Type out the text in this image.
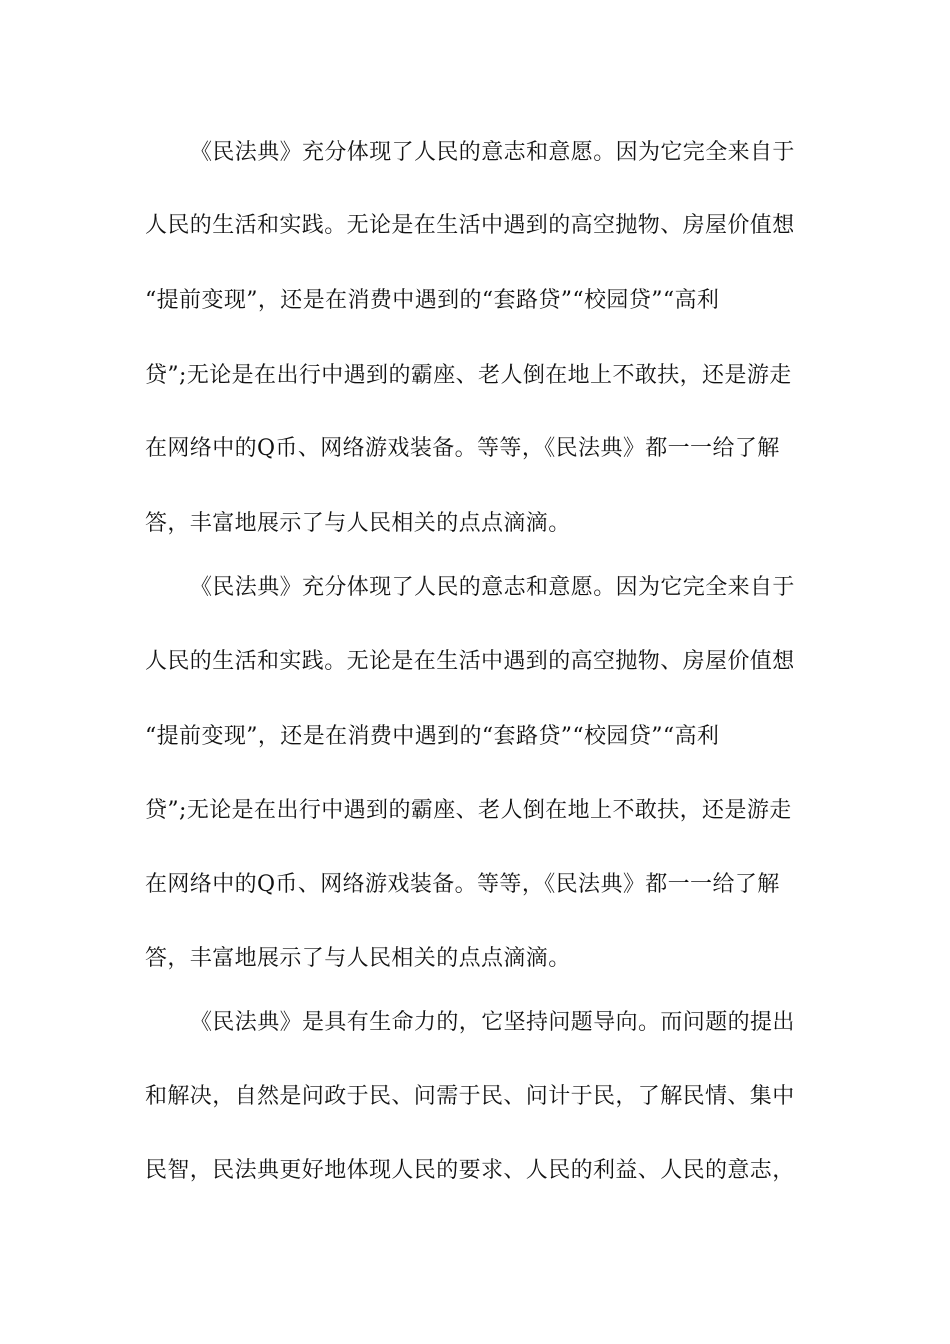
《民法典》充分体现了人民的意志和意愿。因为它完全来自于
人民的生活和实践。无论是在生活中遇到的高空抛物、房屋价值想
“提前变现”，还是在消费中遇到的“套路贷”“校园贷”“高利
贷”;无论是在出行中遇到的霸座、老人倒在地上不敢扶，还是游走
在网络中的Q币、网络游戏装备。等等，《民法典》都一一给了解
答，丰富地展示了与人民相关的点点滴滴。
《民法典》充分体现了人民的意志和意愿。因为它完全来自于
人民的生活和实践。无论是在生活中遇到的高空抛物、房屋价值想
“提前变现”，还是在消费中遇到的“套路贷”“校园贷”“高利
贷”;无论是在出行中遇到的霸座、老人倒在地上不敢扶，还是游走
在网络中的Q币、网络游戏装备。等等，《民法典》都一一给了解
答，丰富地展示了与人民相关的点点滴滴。
《民法典》是具有生命力的，它坚持问题导向。而问题的提出
和解决，自然是问政于民、问需于民、问计于民，了解民情、集中
民智，民法典更好地体现人民的要求、人民的利益、人民的意志，
